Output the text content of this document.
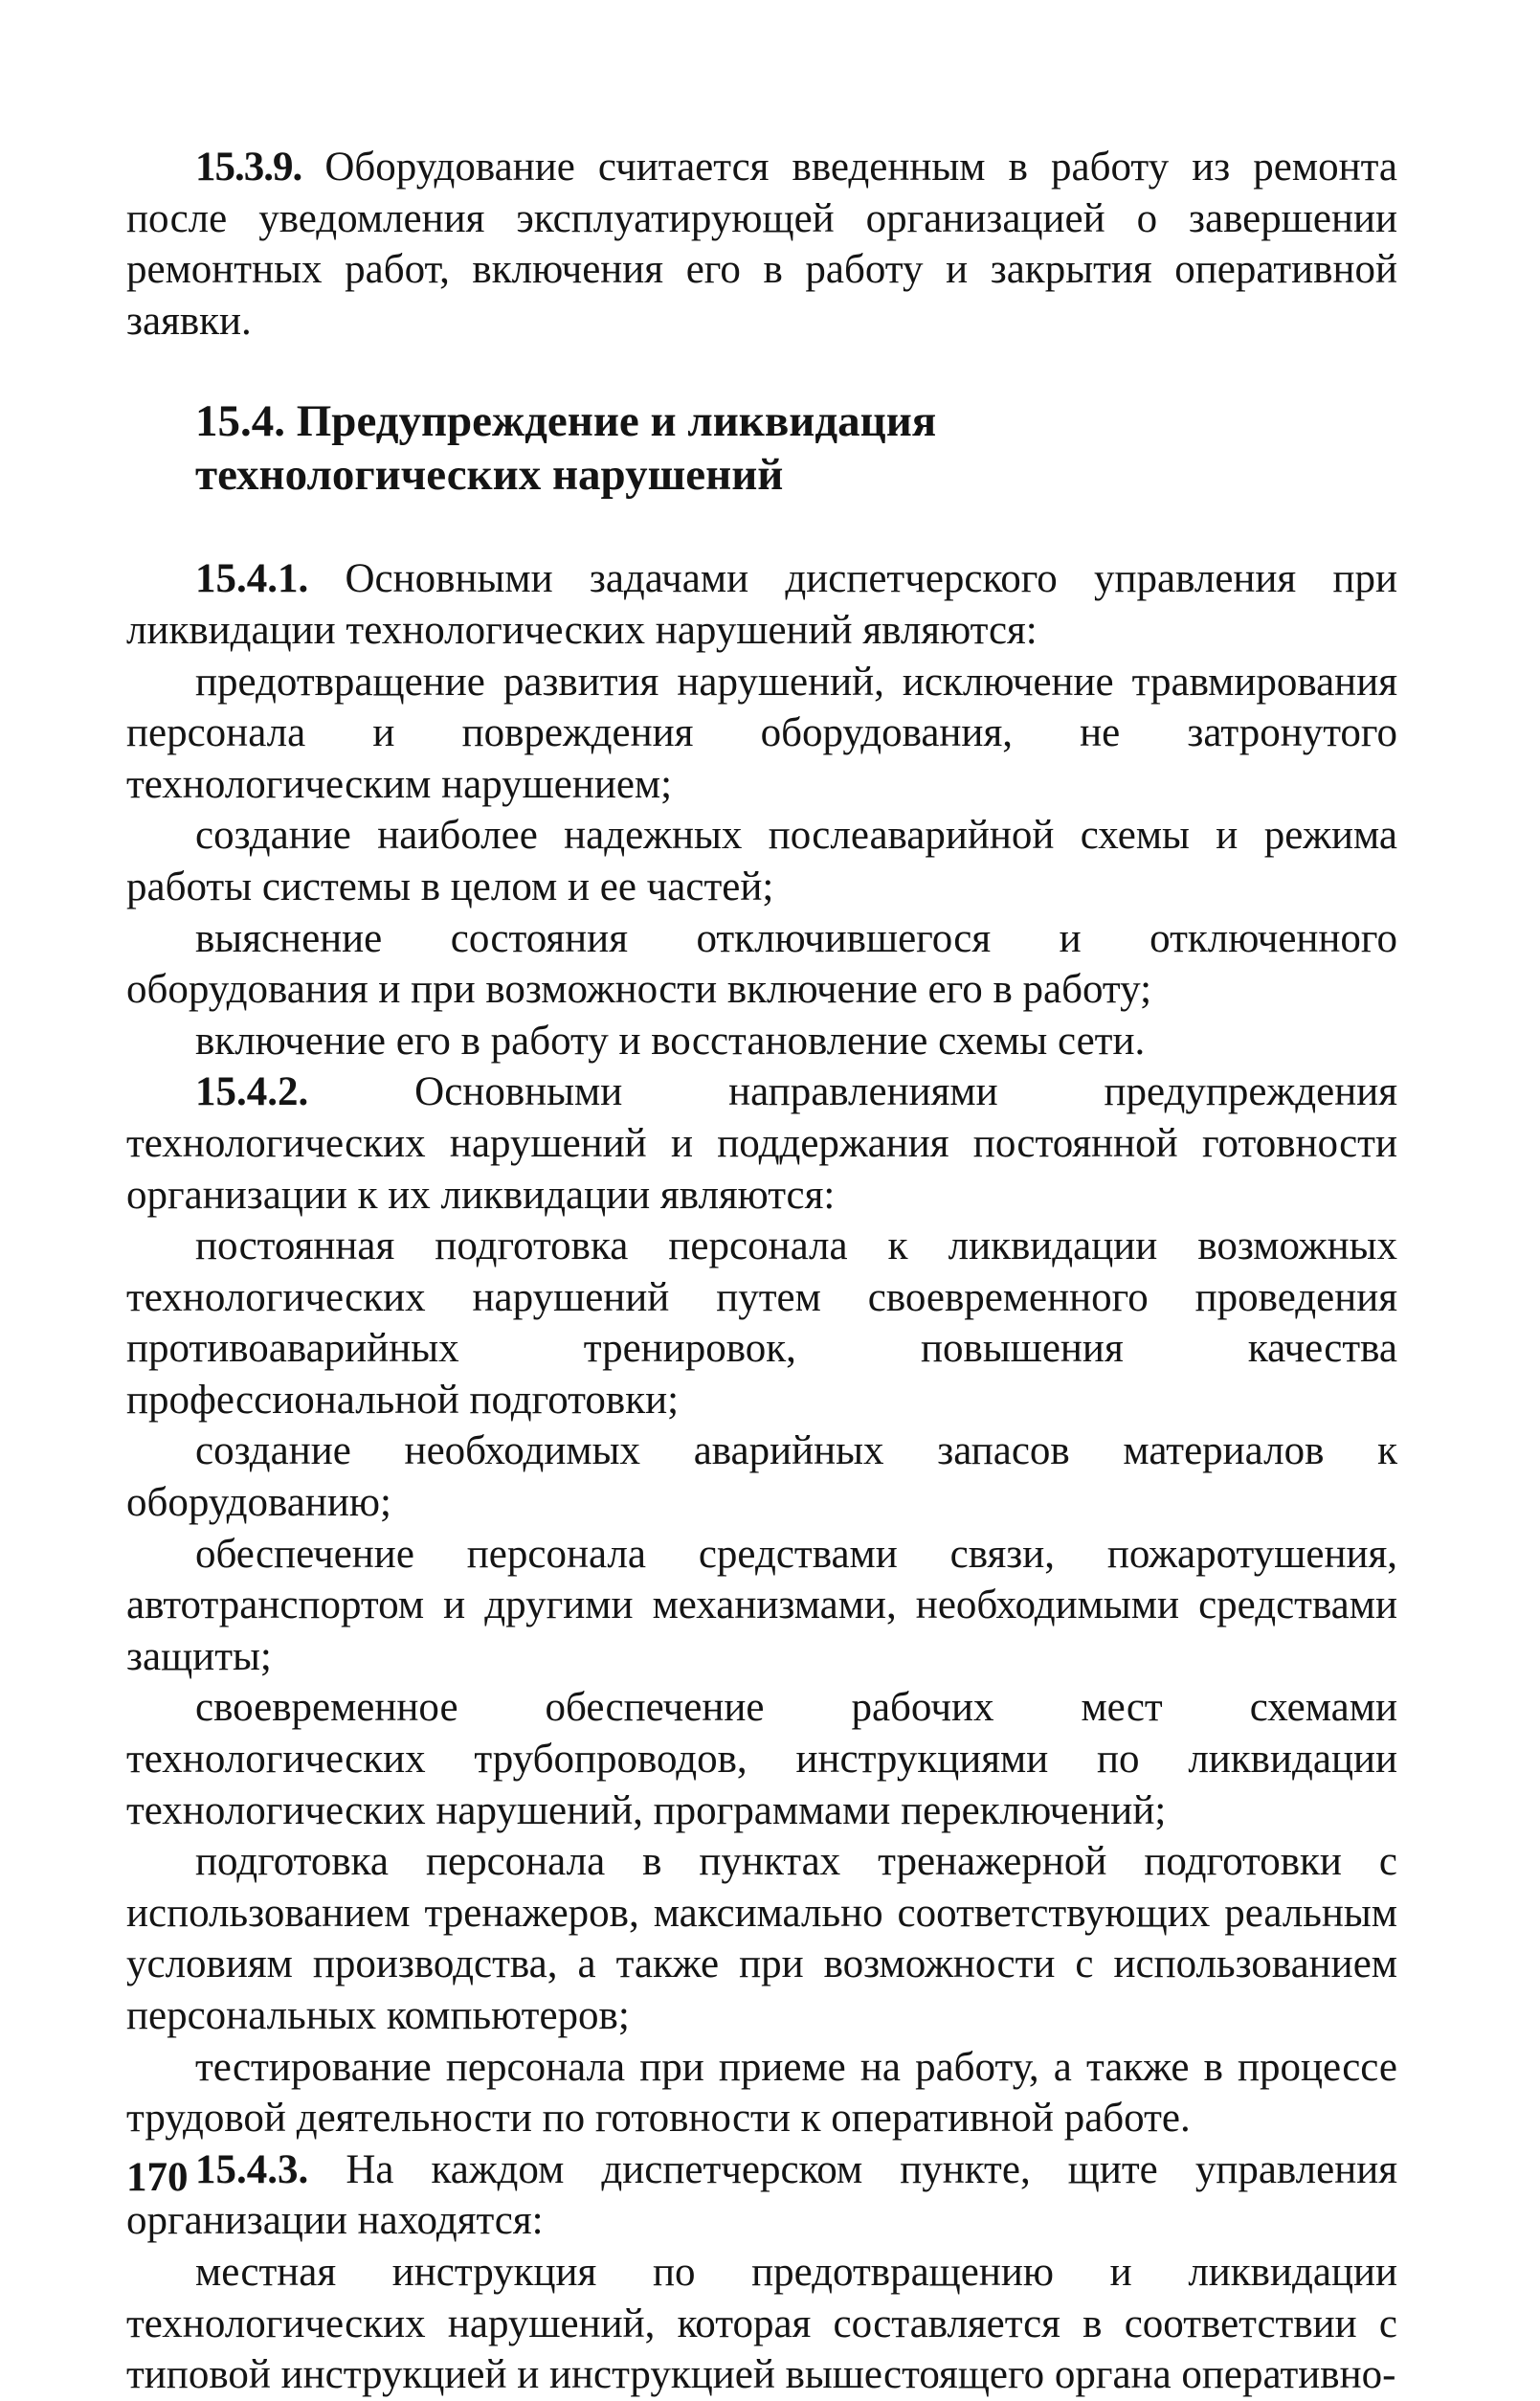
15.3.9. Оборудование считается введенным в работу из ремонта после уведомления эксплуатирующей организацией о завершении ремонтных работ, включения его в работу и закрытия оперативной заявки.

15.4. Предупреждение и ликвидация
технологических нарушений

15.4.1. Основными задачами диспетчерского управления при ликвидации технологических нарушений являются:

предотвращение развития нарушений, исключение травмирования персонала и повреждения оборудования, не затронутого технологическим нарушением;

создание наиболее надежных послеаварийной схемы и режима работы системы в целом и ее частей;

выяснение состояния отключившегося и отключенного оборудования и при возможности включение его в работу;

включение его в работу и восстановление схемы сети.

15.4.2. Основными направлениями предупреждения технологических нарушений и поддержания постоянной готовности организации к их ликвидации являются:

постоянная подготовка персонала к ликвидации возможных технологических нарушений путем своевременного проведения противоаварийных тренировок, повышения качества профессиональной подготовки;

создание необходимых аварийных запасов материалов к оборудованию;

обеспечение персонала средствами связи, пожаротушения, автотранспортом и другими механизмами, необходимыми средствами защиты;

своевременное обеспечение рабочих мест схемами технологических трубопроводов, инструкциями по ликвидации технологических нарушений, программами переключений;

подготовка персонала в пунктах тренажерной подготовки с использованием тренажеров, максимально соответствующих реальным условиям производства, а также при возможности с использованием персональных компьютеров;

тестирование персонала при приеме на работу, а также в процессе трудовой деятельности по готовности к оперативной работе.

15.4.3. На каждом диспетчерском пункте, щите управления организации находятся:

местная инструкция по предотвращению и ликвидации технологических нарушений, которая составляется в соответствии с типовой инструкцией и инструкцией вышестоящего органа оперативно-

170
